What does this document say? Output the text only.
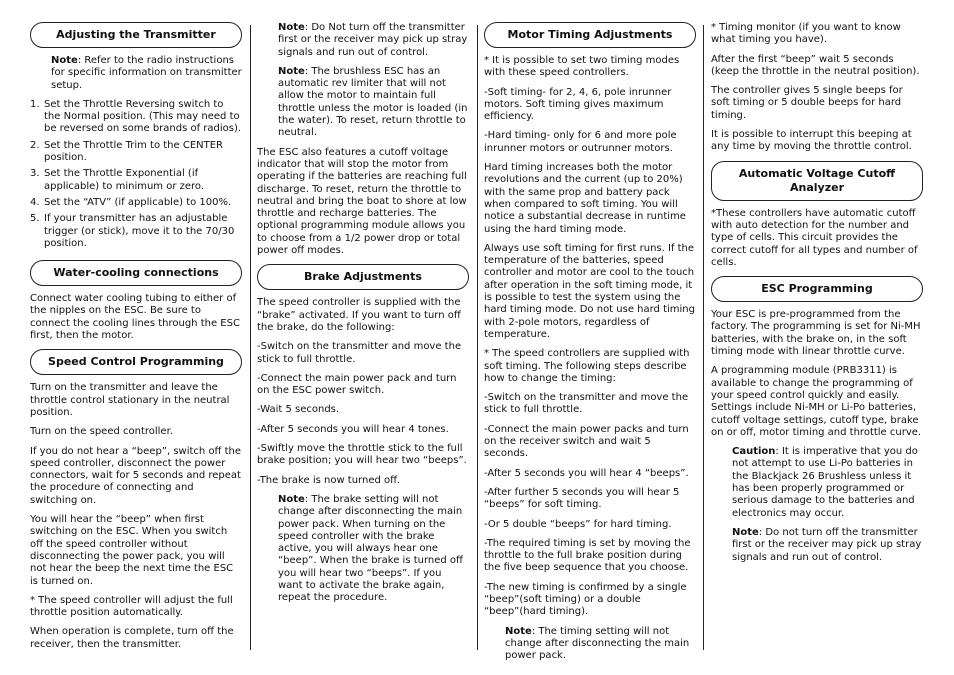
Adjusting the Transmitter

Note: Refer to the radio instructions for specific information on transmitter setup.

1. Set the Throttle Reversing switch to the Normal position. (This may need to be reversed on some brands of radios).
2. Set the Throttle Trim to the CENTER position.
3. Set the Throttle Exponential (if applicable) to minimum or zero.
4. Set the “ATV” (if applicable) to 100%.
5. If your transmitter has an adjustable trigger (or stick), move it to the 70/30 position.
Water-cooling connections

Connect water cooling tubing to either of the nipples on the ESC. Be sure to connect the cooling lines through the ESC first, then the motor.

Speed Control Programming

Turn on the transmitter and leave the throttle control stationary in the neutral position.

Turn on the speed controller.

If you do not hear a “beep”, switch off the speed controller, disconnect the power connectors, wait for 5 seconds and repeat the procedure of connecting and switching on.

You will hear the “beep” when first switching on the ESC. When you switch off the speed controller without disconnecting the power pack, you will not hear the beep the next time the ESC is turned on.

* The speed controller will adjust the full throttle position automatically.

When operation is complete, turn off the receiver, then the transmitter.

Note: Do Not turn off the transmitter first or the receiver may pick up stray signals and run out of control.

Note: The brushless ESC has an automatic rev limiter that will not allow the motor to maintain full throttle unless the motor is loaded (in the water). To reset, return throttle to neutral.

The ESC also features a cutoff voltage indicator that will stop the motor from operating if the batteries are reaching full discharge. To reset, return the throttle to neutral and bring the boat to shore at low throttle and recharge batteries. The optional programming module allows you to choose from a 1/2 power drop or total power off modes.

Brake Adjustments

The speed controller is supplied with the “brake” activated. If you want to turn off the brake, do the following:

-Switch on the transmitter and move the stick to full throttle.

-Connect the main power pack and turn on the ESC power switch.

-Wait 5 seconds.

-After 5 seconds you will hear 4 tones.

-Swiftly move the throttle stick to the full brake position; you will hear two “beeps”.

-The brake is now turned off.

Note: The brake setting will not change after disconnecting the main power pack. When turning on the speed controller with the brake active, you will always hear one “beep”. When the brake is turned off you will hear two “beeps”. If you want to activate the brake again, repeat the procedure.

Motor Timing Adjustments

* It is possible to set two timing modes with these speed controllers.

-Soft timing- for 2, 4, 6, pole inrunner motors. Soft timing gives maximum efficiency.

-Hard timing- only for 6 and more pole inrunner motors or outrunner motors.

Hard timing increases both the motor revolutions and the current (up to 20%) with the same prop and battery pack when compared to soft timing. You will notice a substantial decrease in runtime using the hard timing mode.

Always use soft timing for first runs. If the temperature of the batteries, speed controller and motor are cool to the touch after operation in the soft timing mode, it is possible to test the system using the hard timing mode. Do not use hard timing with 2-pole motors, regardless of temperature.

* The speed controllers are supplied with soft timing. The following steps describe how to change the timing:

-Switch on the transmitter and move the stick to full throttle.

-Connect the main power packs and turn on the receiver switch and wait 5 seconds.

-After 5 seconds you will hear 4 “beeps”.

-After further 5 seconds you will hear 5 “beeps” for soft timing.

-Or 5 double “beeps” for hard timing.

-The required timing is set by moving the throttle to the full brake position during the five beep sequence that you choose.

-The new timing is confirmed by a single “beep”(soft timing) or a double “beep”(hard timing).

Note: The timing setting will not change after disconnecting the main power pack.

* Timing monitor (if you want to know what timing you have).

After the first “beep” wait 5 seconds (keep the throttle in the neutral position).

The controller gives 5 single beeps for soft timing or 5 double beeps for hard timing.

It is possible to interrupt this beeping at any time by moving the throttle control.

Automatic Voltage Cutoff Analyzer

*These controllers have automatic cutoff with auto detection for the number and type of cells. This circuit provides the correct cutoff for all types and number of cells.

ESC Programming

Your ESC is pre-programmed from the factory. The programming is set for Ni-MH batteries, with the brake on, in the soft timing mode with linear throttle curve.

A programming module (PRB3311) is available to change the programming of your speed control quickly and easily. Settings include Ni-MH or Li-Po batteries, cutoff voltage settings, cutoff type, brake on or off, motor timing and throttle curve.

Caution: It is imperative that you do not attempt to use Li-Po batteries in the Blackjack 26 Brushless unless it has been properly programmed or serious damage to the batteries and electronics may occur.

Note: Do not turn off the transmitter first or the receiver may pick up stray signals and run out of control.
